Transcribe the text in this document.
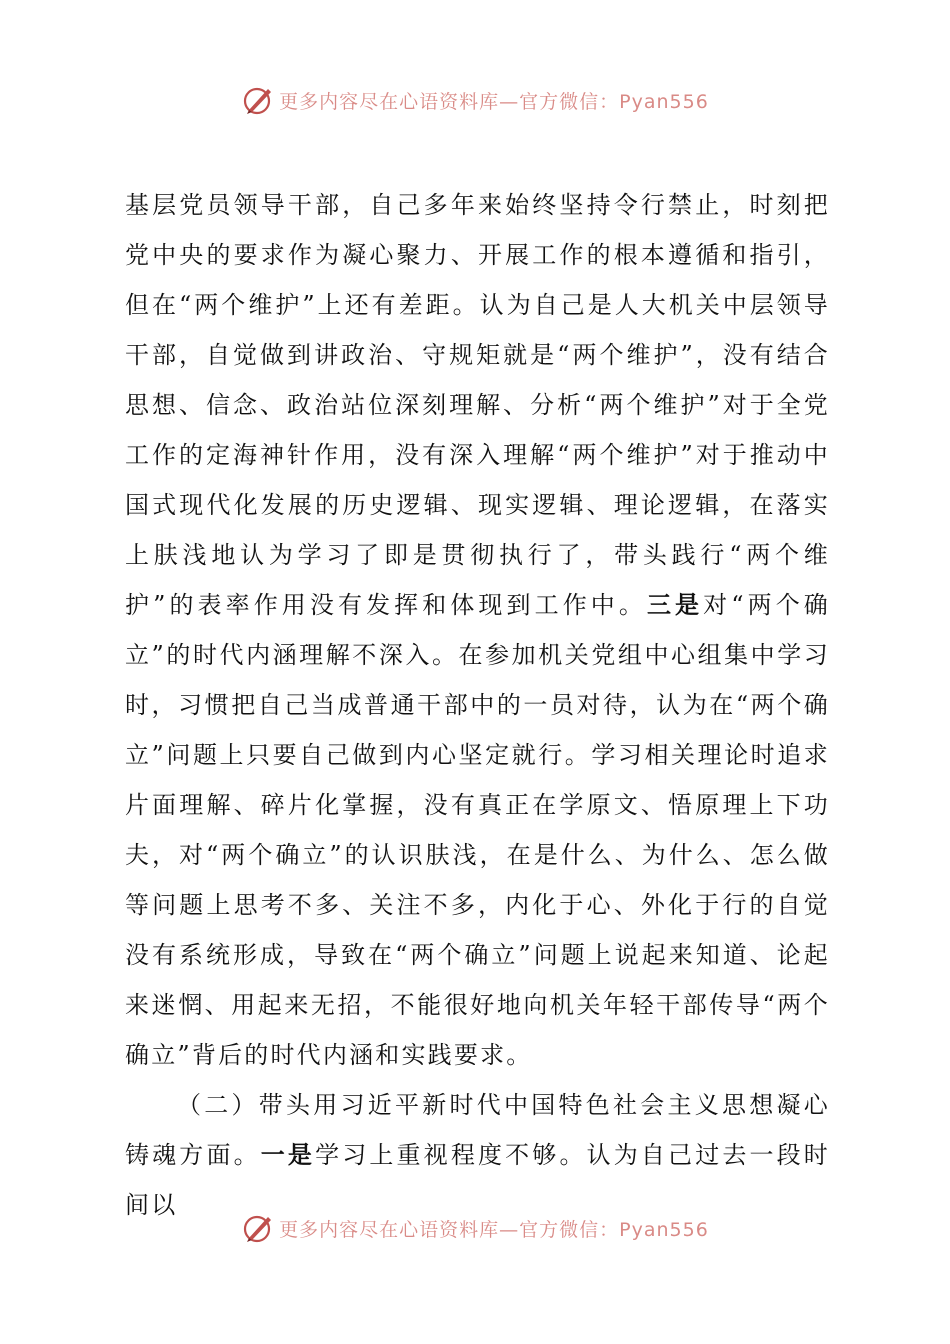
更多内容尽在心语资料库—官方微信：Pyan556

基层党员领导干部，自己多年来始终坚持令行禁止，时刻把党中央的要求作为凝心聚力、开展工作的根本遵循和指引，但在“两个维护”上还有差距。认为自己是人大机关中层领导干部，自觉做到讲政治、守规矩就是“两个维护”，没有结合思想、信念、政治站位深刻理解、分析“两个维护”对于全党工作的定海神针作用，没有深入理解“两个维护”对于推动中国式现代化发展的历史逻辑、现实逻辑、理论逻辑，在落实上肤浅地认为学习了即是贯彻执行了，带头践行“两个维护”的表率作用没有发挥和体现到工作中。三是对“两个确立”的时代内涵理解不深入。在参加机关党组中心组集中学习时，习惯把自己当成普通干部中的一员对待，认为在“两个确立”问题上只要自己做到内心坚定就行。学习相关理论时追求片面理解、碎片化掌握，没有真正在学原文、悟原理上下功夫，对“两个确立”的认识肤浅，在是什么、为什么、怎么做等问题上思考不多、关注不多，内化于心、外化于行的自觉没有系统形成，导致在“两个确立”问题上说起来知道、论起来迷惘、用起来无招，不能很好地向机关年轻干部传导“两个确立”背后的时代内涵和实践要求。

（二）带头用习近平新时代中国特色社会主义思想凝心铸魂方面。一是学习上重视程度不够。认为自己过去一段时间以

更多内容尽在心语资料库—官方微信：Pyan556
